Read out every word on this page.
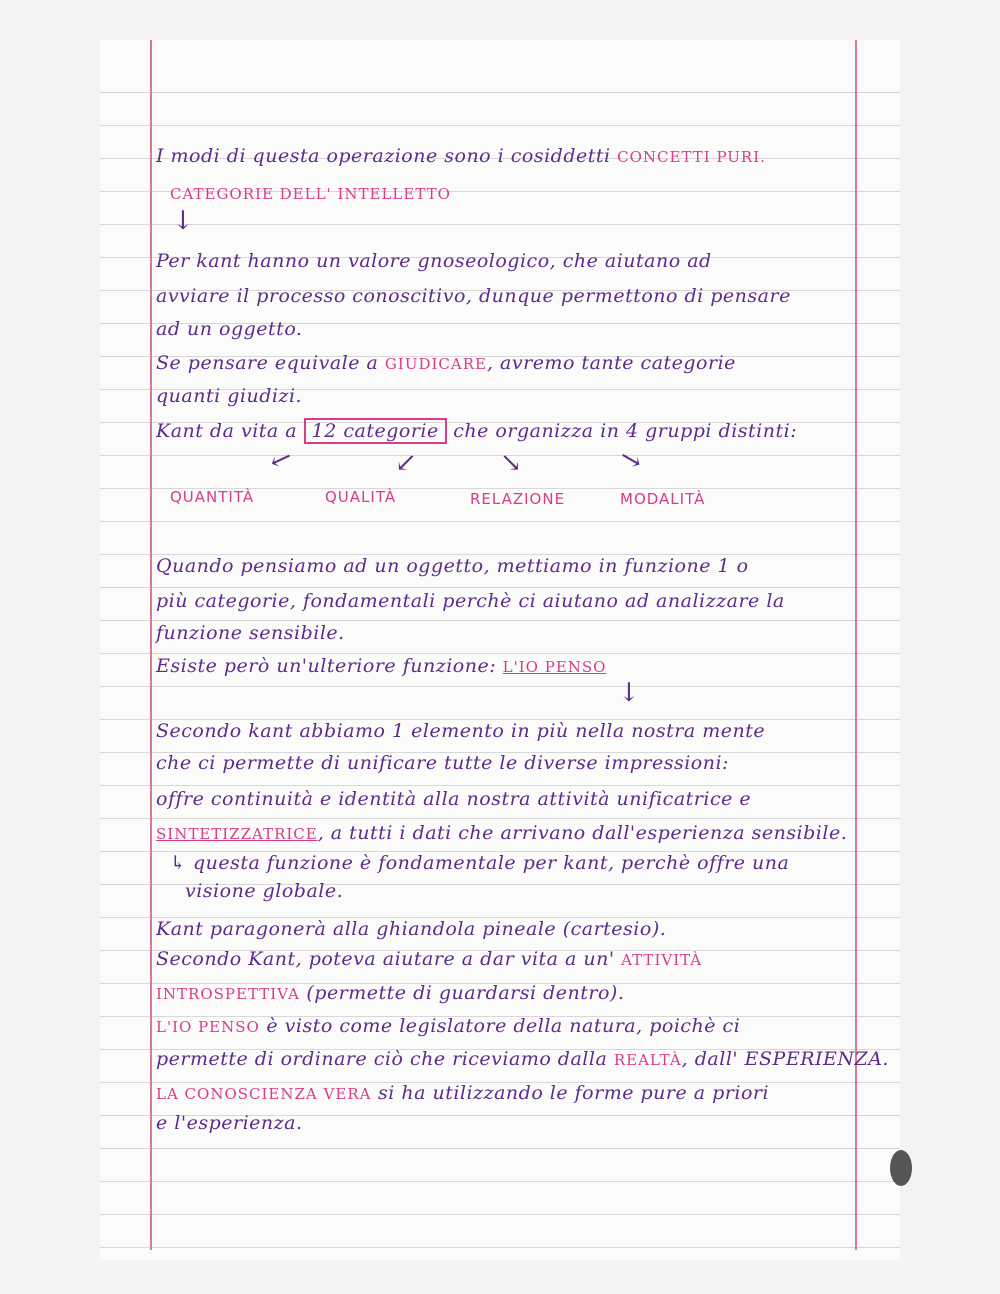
I modi di questa operazione sono i cosiddetti CONCETTI PURI.
CATEGORIE DELL' INTELLETTO
↓
Per kant hanno un valore gnoseologico, che aiutano ad
avviare il processo conoscitivo, dunque permettono di pensare
ad un oggetto.
Se pensare equivale a GIUDICARE, avremo tante categorie
quanti giudizi.
Kant da vita a 12 categorie che organizza in 4 gruppi distinti:
↙	↙	↘	↘
QUANTITÀ	QUALITÀ	RELAZIONE	MODALITÀ
Quando pensiamo ad un oggetto, mettiamo in funzione 1 o
più categorie, fondamentali perchè ci aiutano ad analizzare la
funzione sensibile.
Esiste però un'ulteriore funzione: L'IO PENSO
↓
Secondo kant abbiamo 1 elemento in più nella nostra mente
che ci permette di unificare tutte le diverse impressioni:
offre continuità e identità alla nostra attività unificatrice e
SINTETIZZATRICE, a tutti i dati che arrivano dall'esperienza sensibile.
↳ questa funzione è fondamentale per kant, perchè offre una
visione globale.
Kant paragonerà alla ghiandola pineale (cartesio).
Secondo Kant, poteva aiutare a dar vita a un' ATTIVITÀ
INTROSPETTIVA (permette di guardarsi dentro).
L'IO PENSO è visto come legislatore della natura, poichè ci
permette di ordinare ciò che riceviamo dalla REALTÀ, dall' ESPERIENZA.
LA CONOSCIENZA VERA si ha utilizzando le forme pure a priori
e l'esperienza.
